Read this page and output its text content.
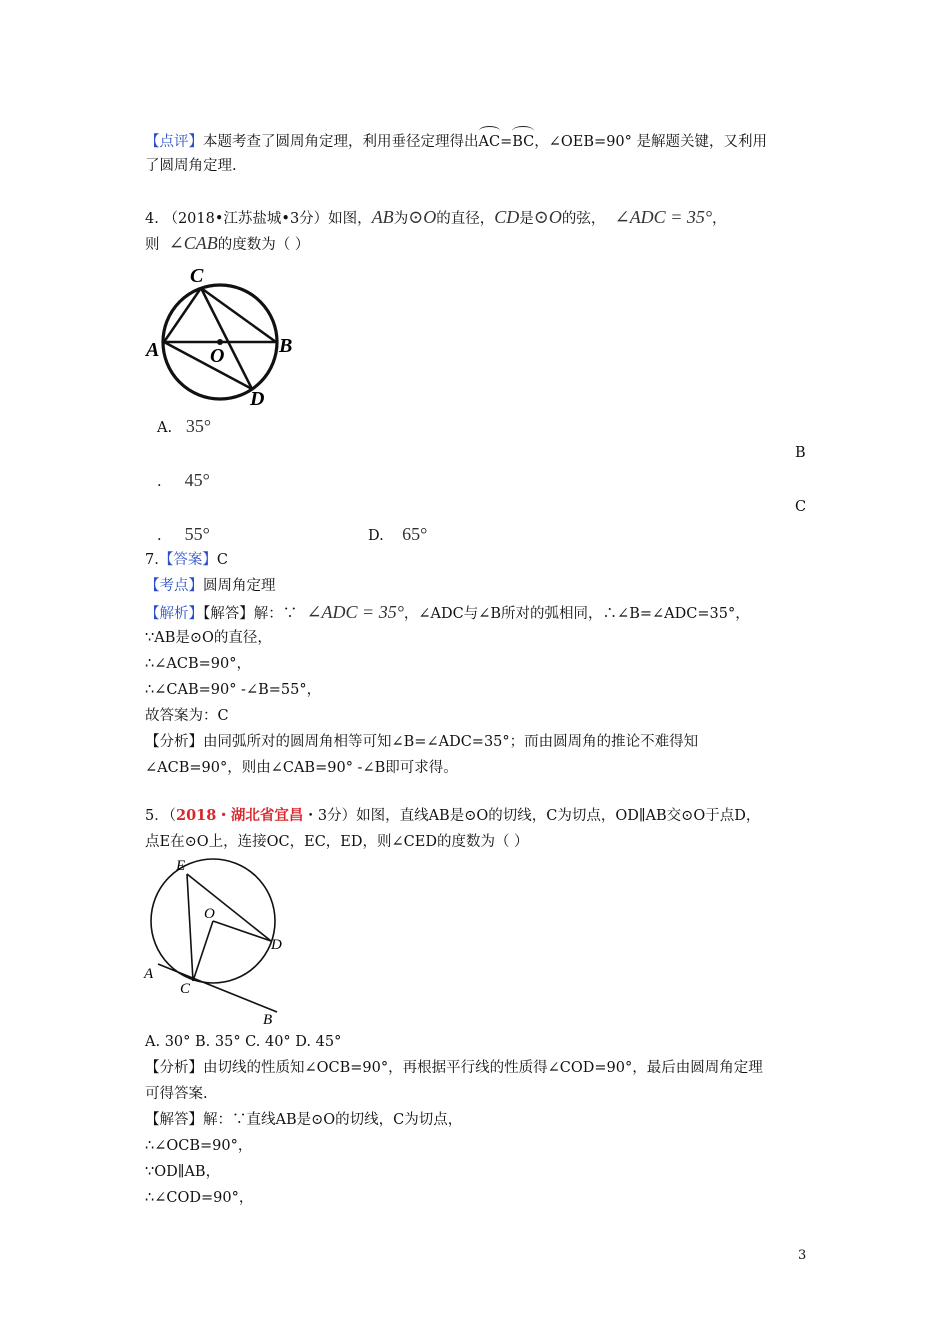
【点评】本题考查了圆周角定理，利用垂径定理得出AC=BC，∠OEB=90° 是解题关键，又利用
了圆周角定理.
4. （2018•江苏盐城•3分）如图，AB为⊙O的直径，CD是⊙O的弦， ∠ADC = 35°，
则 ∠CAB的度数为（ ）
C
A	O	B
D
A. 35°
B
. 45°
C
. 55°	D. 65°
7.【答案】C
【考点】圆周角定理
【解析】【解答】解：∵ ∠ADC = 35°，∠ADC与∠B所对的弧相同，∴∠B=∠ADC=35°，
∵AB是⊙O的直径，
∴∠ACB=90°，
∴∠CAB=90° -∠B=55°，
故答案为：C
【分析】由同弧所对的圆周角相等可知∠B=∠ADC=35°；而由圆周角的推论不难得知
∠ACB=90°，则由∠CAB=90° -∠B即可求得。
5．（2018・湖北省宜昌・3分）如图，直线AB是⊙O的切线，C为切点，OD∥AB交⊙O于点D，
点E在⊙O上，连接OC，EC，ED，则∠CED的度数为（ ）
E
O
D
A
C
B
A. 30° B. 35° C. 40° D. 45°
【分析】由切线的性质知∠OCB=90°，再根据平行线的性质得∠COD=90°，最后由圆周角定理
可得答案.
【解答】解：∵直线AB是⊙O的切线，C为切点，
∴∠OCB=90°，
∵OD∥AB，
∴∠COD=90°，
3
